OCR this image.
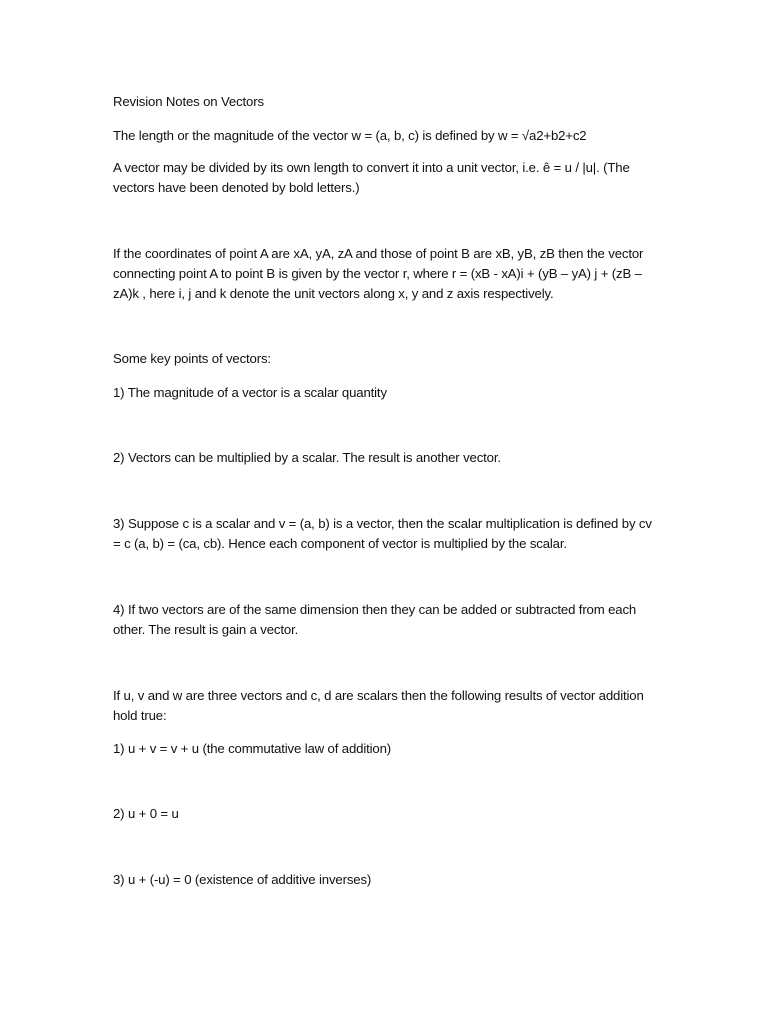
Revision Notes on Vectors

The length or the magnitude of the vector w = (a, b, c) is defined by w = √a2+b2+c2

A vector may be divided by its own length to convert it into a unit vector, i.e. ê = u / |u|. (The vectors have been denoted by bold letters.)

If the coordinates of point A are xA, yA, zA and those of point B are xB, yB, zB then the vector connecting point A to point B is given by the vector r, where r = (xB - xA)i + (yB – yA) j + (zB – zA)k , here i, j and k denote the unit vectors along x, y and z axis respectively.

Some key points of vectors:

1) The magnitude of a vector is a scalar quantity

2) Vectors can be multiplied by a scalar. The result is another vector.

3) Suppose c is a scalar and v = (a, b) is a vector, then the scalar multiplication is defined by cv = c (a, b) = (ca, cb). Hence each component of vector is multiplied by the scalar.

4) If two vectors are of the same dimension then they can be added or subtracted from each other. The result is gain a vector.

If u, v and w are three vectors and c, d are scalars then the following results of vector addition hold true:

1) u + v = v + u (the commutative law of addition)

2) u + 0 = u

3) u + (-u) = 0 (existence of additive inverses)
